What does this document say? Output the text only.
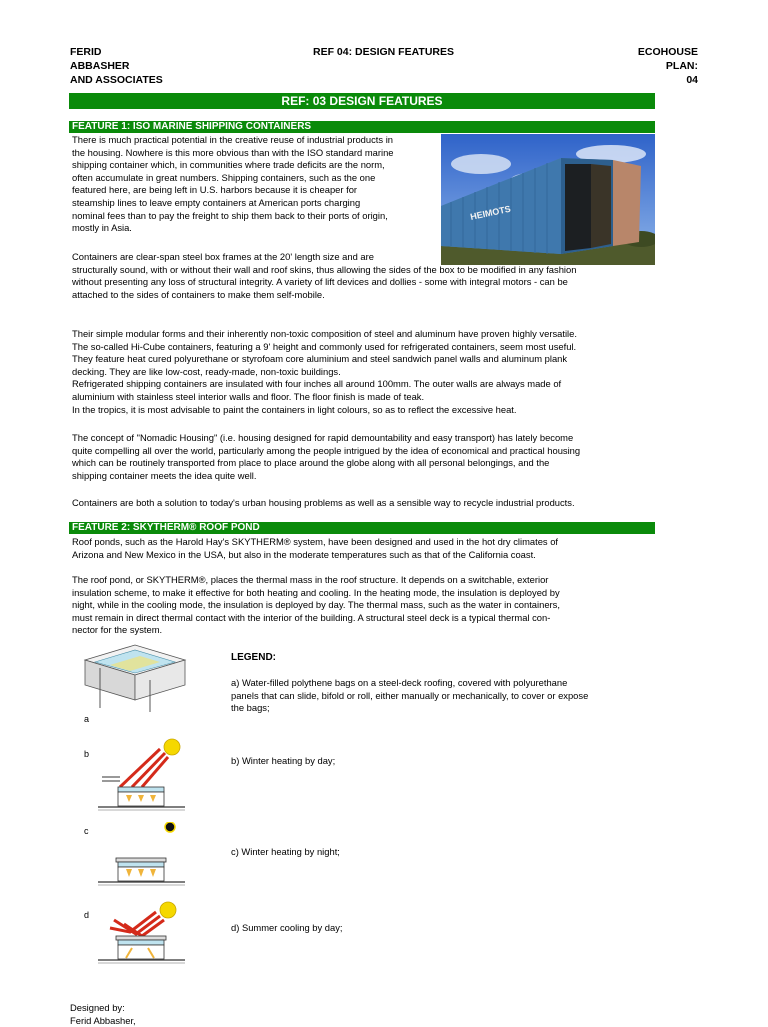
FERID
ABBASHER
AND ASSOCIATES
REF 04: DESIGN FEATURES	ECOHOUSE
PLAN:
04
REF: 03 DESIGN FEATURES
FEATURE 1: ISO MARINE SHIPPING CONTAINERS
There is much practical potential in the creative reuse of industrial products in
the housing. Nowhere is this more obvious than with the ISO standard marine
shipping container which, in communities where trade deficits are the norm,
often accumulate in great numbers. Shipping containers, such as the one
featured here, are being left in U.S. harbors because it is cheaper for
steamship lines to leave empty containers at American ports charging
nominal fees than to pay the freight to ship them back to their ports of origin,
mostly in Asia.
HEIMOTS
Containers are clear-span steel box frames at the 20' length size and are
structurally sound, with or without their wall and roof skins, thus allowing the sides of the box to be modified in any fashion
without presenting any loss of structural integrity. A variety of lift devices and dollies - some with integral motors - can be
attached to the sides of containers to make them self-mobile.
Their simple modular forms and their inherently non-toxic composition of steel and aluminum have proven highly versatile.
The so-called Hi-Cube containers, featuring a 9' height and commonly used for refrigerated containers, seem most useful.
They feature heat cured polyurethane or styrofoam core aluminium and steel sandwich panel walls and aluminum plank
decking. They are like low-cost, ready-made, non-toxic buildings.
Refrigerated shipping containers are insulated with four inches all around 100mm. The outer walls are always made of
aluminium with stainless steel interior walls and floor. The floor finish is made of teak.
In the tropics, it is most advisable to paint the containers in light colours, so as to reflect the excessive heat.
The concept of "Nomadic Housing" (i.e. housing designed for rapid demountability and easy transport) has lately become
quite compelling all over the world, particularly among the people intrigued by the idea of economical and practical housing
which can be routinely transported from place to place around the globe along with all personal belongings, and the
shipping container meets the idea quite well.
Containers are both a solution to today's urban housing problems as well as a sensible way to recycle industrial products.
FEATURE 2: SKYTHERM® ROOF POND
Roof ponds, such as the Harold Hay's SKYTHERM® system, have been designed and used in the hot dry climates of
Arizona and New Mexico in the USA, but also in the moderate temperatures such as that of the California coast.
The roof pond, or SKYTHERM®, places the thermal mass in the roof structure. It depends on a switchable, exterior
insulation scheme, to make it effective for both heating and cooling. In the heating mode, the insulation is deployed by
night, while in the cooling mode, the insulation is deployed by day. The thermal mass, such as the water in containers,
must remain in direct thermal contact with the interior of the building. A structural steel deck is a typical thermal con-
nector for the system.
LEGEND:
a) Water-filled polythene bags on a steel-deck roofing, covered with polyurethane
panels that can slide, bifold or roll, either manually or mechanically, to cover or expose
the bags;
b) Winter heating by day;
c) Winter heating by night;
d) Summer cooling by day;
a
b
c
d
Designed by:
Ferid Abbasher,
